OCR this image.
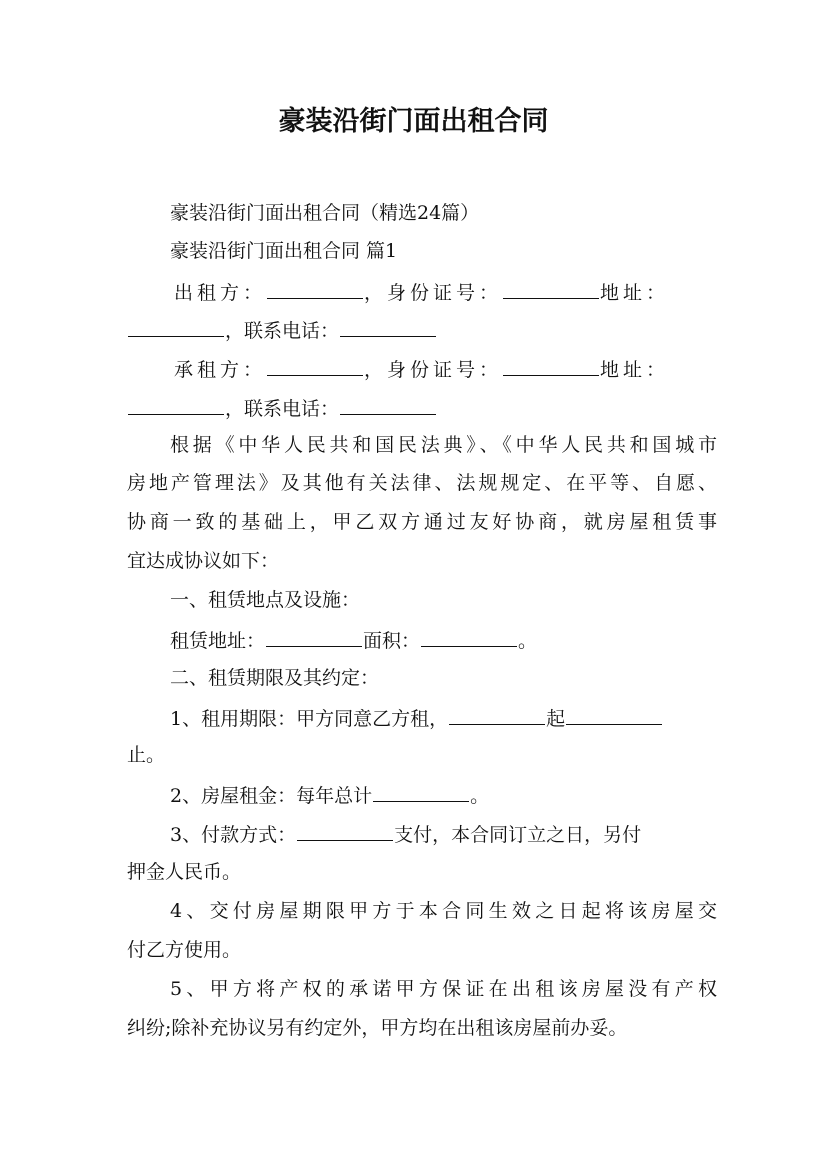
豪装沿街门面出租合同
豪装沿街门面出租合同（精选24篇）
豪装沿街门面出租合同 篇1
出租方：	，身份证号：	地址：
，联系电话：
承租方：	，身份证号：	地址：
，联系电话：
根据《中华人民共和国民法典》、《中华人民共和国城市
房地产管理法》及其他有关法律、法规规定、在平等、自愿、
协商一致的基础上，甲乙双方通过友好协商，就房屋租赁事
宜达成协议如下：
一、租赁地点及设施：
租赁地址：	面积：	。
二、租赁期限及其约定：
1、租用期限：甲方同意乙方租，	起
止。
2、房屋租金：每年总计	。
3、付款方式：	支付，本合同订立之日，另付
押金人民币。
4、交付房屋期限甲方于本合同生效之日起将该房屋交
付乙方使用。
5、甲方将产权的承诺甲方保证在出租该房屋没有产权
纠纷;除补充协议另有约定外，甲方均在出租该房屋前办妥。
